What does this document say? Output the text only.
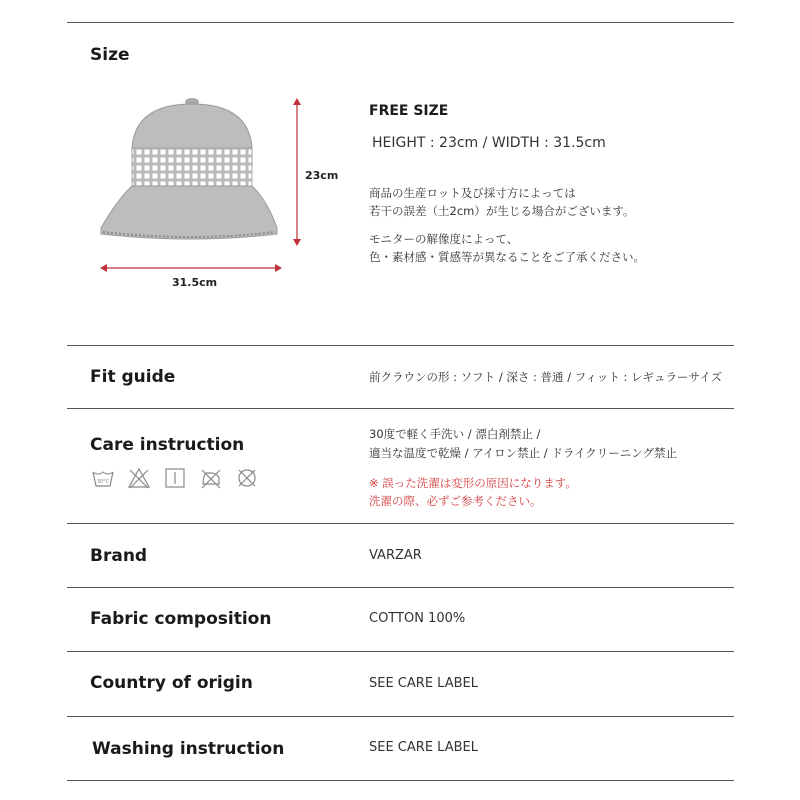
Size
23cm
31.5cm
FREE SIZE
HEIGHT : 23cm / WIDTH : 31.5cm
商品の生産ロット及び採寸方によっては
若干の誤差（土2cm）が生じる場合がございます。
モニターの解像度によって、
色・素材感・質感等が異なることをご了承ください。
Fit guide	前クラウンの形 : ソフト / 深さ : 普通 / フィット : レギュラーサイズ
Care instruction
30°C
30度で軽く手洗い / 漂白剤禁止 /
適当な温度で乾燥 / アイロン禁止 / ドライクリーニング禁止
※ 誤った洗濯は変形の原因になります。
洗濯の際、必ずご参考ください。
Brand	VARZAR
Fabric composition	COTTON 100%
Country of origin	SEE CARE LABEL
Washing instruction	SEE CARE LABEL
